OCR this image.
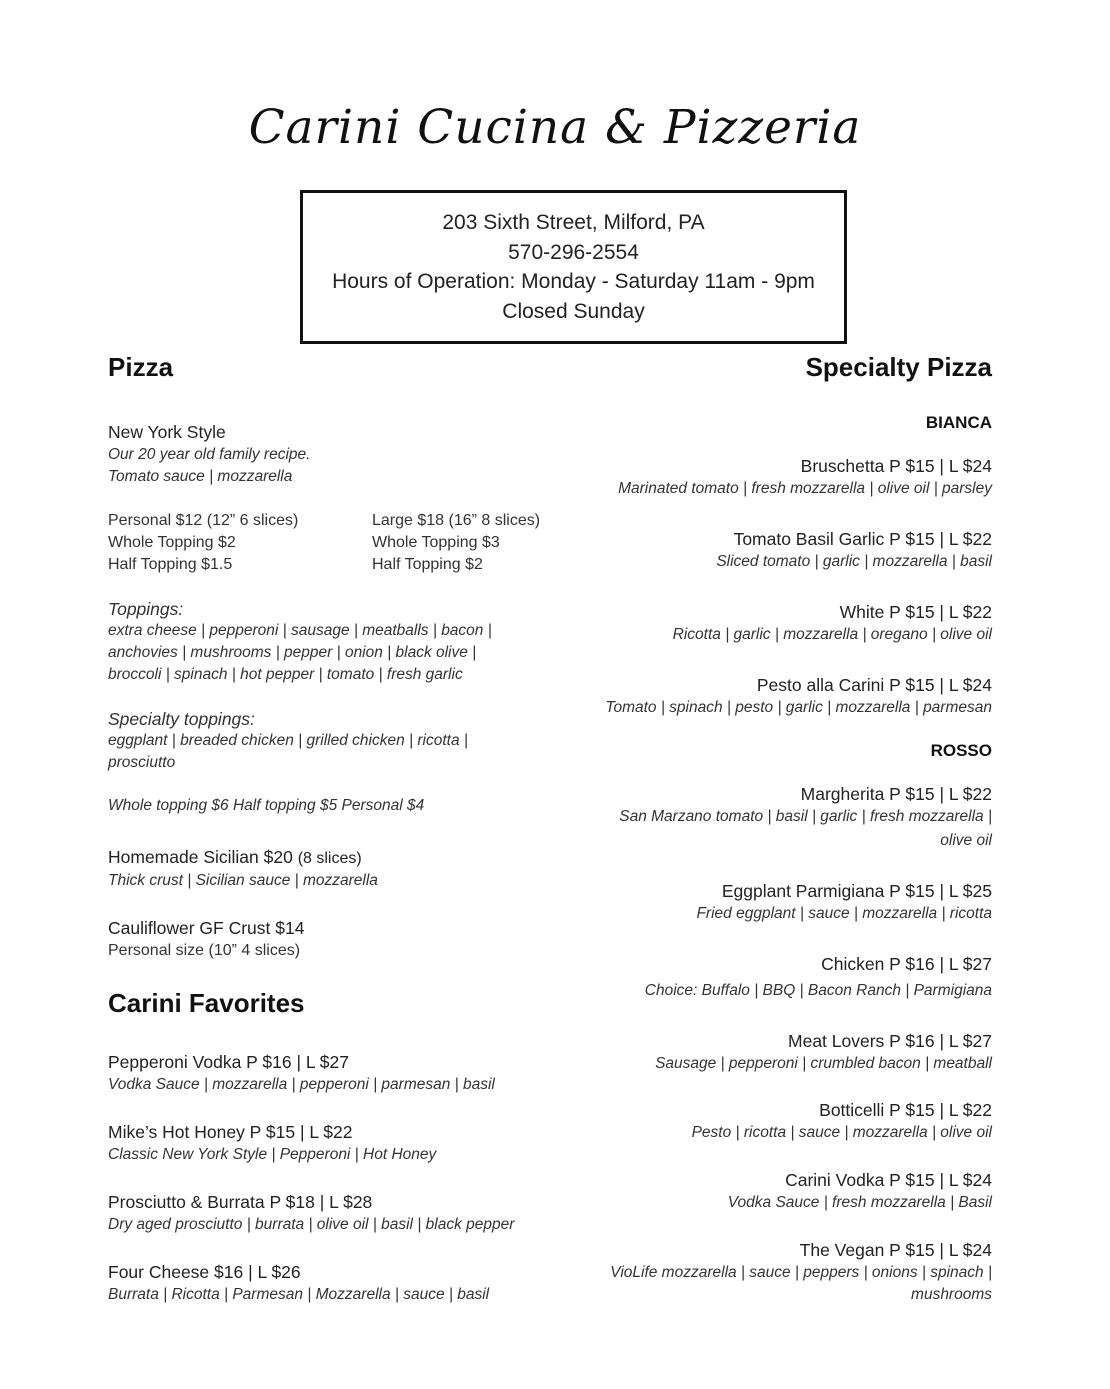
Carini Cucina & Pizzeria
203 Sixth Street, Milford, PA
570-296-2554
Hours of Operation: Monday - Saturday 11am - 9pm
Closed Sunday
Pizza
New York Style
Our 20 year old family recipe.
Tomato sauce | mozzarella
Personal $12 (12” 6 slices)	Large $18 (16” 8 slices)
Whole Topping $2	Whole Topping $3
Half Topping $1.5	Half Topping $2
Toppings:
extra cheese | pepperoni | sausage | meatballs | bacon |
anchovies | mushrooms | pepper | onion | black olive |
broccoli | spinach | hot pepper | tomato | fresh garlic
Specialty toppings:
eggplant | breaded chicken | grilled chicken | ricotta |
prosciutto
Whole topping $6 Half topping $5 Personal $4
Homemade Sicilian $20 (8 slices)
Thick crust | Sicilian sauce | mozzarella
Cauliflower GF Crust $14
Personal size (10” 4 slices)
Carini Favorites
Pepperoni Vodka P $16 | L $27
Vodka Sauce | mozzarella | pepperoni | parmesan | basil
Mike’s Hot Honey P $15 | L $22
Classic New York Style | Pepperoni | Hot Honey
Prosciutto & Burrata P $18 | L $28
Dry aged prosciutto | burrata | olive oil | basil | black pepper
Four Cheese $16 | L $26
Burrata | Ricotta | Parmesan | Mozzarella | sauce | basil
Specialty Pizza
BIANCA
Bruschetta P $15 | L $24
Marinated tomato | fresh mozzarella | olive oil | parsley
Tomato Basil Garlic P $15 | L $22
Sliced tomato | garlic | mozzarella | basil
White P $15 | L $22
Ricotta | garlic | mozzarella | oregano | olive oil
Pesto alla Carini P $15 | L $24
Tomato | spinach | pesto | garlic | mozzarella | parmesan
ROSSO
Margherita P $15 | L $22
San Marzano tomato | basil | garlic | fresh mozzarella |
olive oil
Eggplant Parmigiana P $15 | L $25
Fried eggplant | sauce | mozzarella | ricotta
Chicken P $16 | L $27
Choice: Buffalo | BBQ | Bacon Ranch | Parmigiana
Meat Lovers P $16 | L $27
Sausage | pepperoni | crumbled bacon | meatball
Botticelli P $15 | L $22
Pesto | ricotta | sauce | mozzarella | olive oil
Carini Vodka P $15 | L $24
Vodka Sauce | fresh mozzarella | Basil
The Vegan P $15 | L $24
VioLife mozzarella | sauce | peppers | onions | spinach |
mushrooms
